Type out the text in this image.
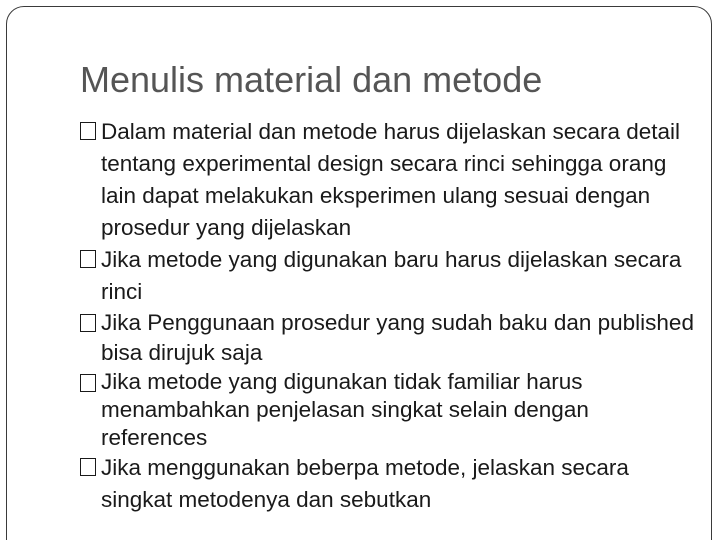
Menulis material dan metode
Dalam material dan metode harus dijelaskan secara detail tentang experimental design secara rinci sehingga orang lain dapat melakukan eksperimen ulang sesuai dengan prosedur yang dijelaskan
Jika metode yang digunakan baru harus dijelaskan secara rinci
Jika Penggunaan prosedur yang sudah baku dan published bisa dirujuk saja
Jika metode yang digunakan tidak familiar harus menambahkan penjelasan singkat selain dengan references
Jika menggunakan beberpa metode, jelaskan secara singkat metodenya dan sebutkan
